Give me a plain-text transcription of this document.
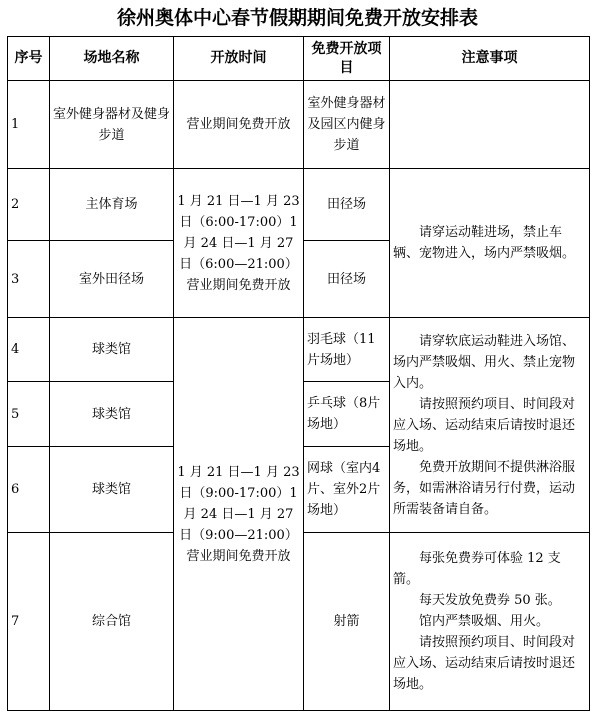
徐州奥体中心春节假期期间免费开放安排表
序号	场地名称	开放时间	免费开放项目	注意事项
1	室外健身器材及健身步道	营业期间免费开放	室外健身器材及园区内健身步道	
2	主体育场	1 月 21 日—1 月 23 日（6:00-17:00）1 月 24 日—1 月 27 日（6:00—21:00）营业期间免费开放	田径场	请穿运动鞋进场，禁止车辆、宠物进入，场内严禁吸烟。

3	室外田径场		田径场	
4	球类馆	1 月 21 日—1 月 23 日（9:00-17:00）1 月 24 日—1 月 27 日（9:00—21:00）营业期间免费开放	羽毛球（11片场地）	请穿软底运动鞋进入场馆、场内严禁吸烟、用火、禁止宠物入内。

请按照预约项目、时间段对应入场、运动结束后请按时退还场地。

免费开放期间不提供淋浴服务，如需淋浴请另行付费，运动所需装备请自备。

5	球类馆		乒乓球（8片场地）	
6	球类馆		网球（室内4片、室外2片场地）	
7	综合馆		射箭	每张免费券可体验 12 支箭。

每天发放免费券 50 张。

馆内严禁吸烟、用火。

请按照预约项目、时间段对应入场、运动结束后请按时退还场地。
